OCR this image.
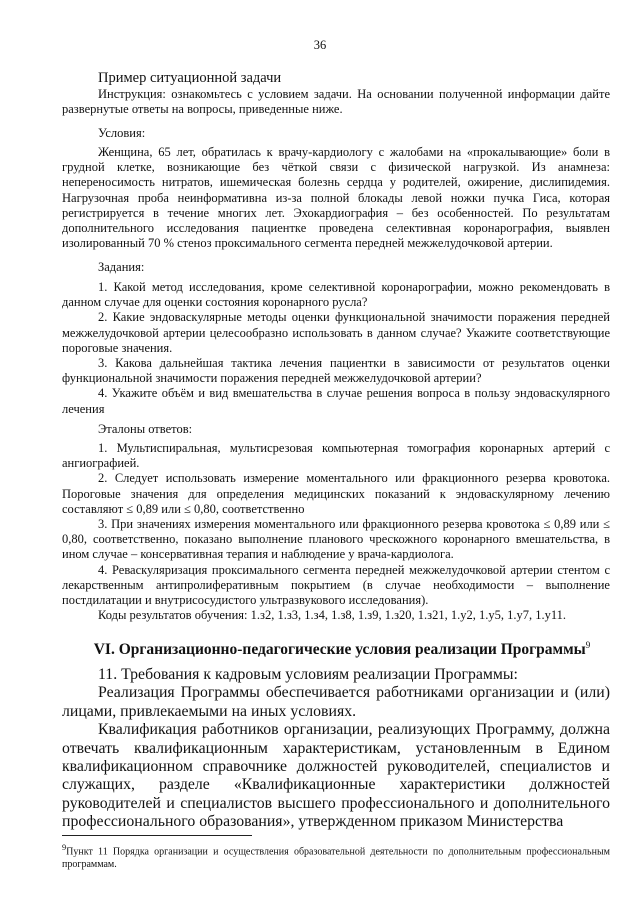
36

Пример ситуационной задачи

Инструкция: ознакомьтесь с условием задачи. На основании полученной информации дайте развернутые ответы на вопросы, приведенные ниже.

Условия:

Женщина, 65 лет, обратилась к врачу-кардиологу с жалобами на «прокалывающие» боли в грудной клетке, возникающие без чёткой связи с физической нагрузкой. Из анамнеза: непереносимость нитратов, ишемическая болезнь сердца у родителей, ожирение, дислипидемия. Нагрузочная проба неинформативна из-за полной блокады левой ножки пучка Гиса, которая регистрируется в течение многих лет. Эхокардиография – без особенностей. По результатам дополнительного исследования пациентке проведена селективная коронарография, выявлен изолированный 70 % стеноз проксимального сегмента передней межжелудочковой артерии.

Задания:

1. Какой метод исследования, кроме селективной коронарографии, можно рекомендовать в данном случае для оценки состояния коронарного русла?

2. Какие эндоваскулярные методы оценки функциональной значимости поражения передней межжелудочковой артерии целесообразно использовать в данном случае? Укажите соответствующие пороговые значения.

3. Какова дальнейшая тактика лечения пациентки в зависимости от результатов оценки функциональной значимости поражения передней межжелудочковой артерии?

4. Укажите объём и вид вмешательства в случае решения вопроса в пользу эндоваскулярного лечения

Эталоны ответов:

1. Мультиспиральная, мультисрезовая компьютерная томография коронарных артерий с ангиографией.

2. Следует использовать измерение моментального или фракционного резерва кровотока. Пороговые значения для определения медицинских показаний к эндоваскулярному лечению составляют ≤ 0,89 или ≤ 0,80, соответственно

3. При значениях измерения моментального или фракционного резерва кровотока ≤ 0,89 или ≤ 0,80, соответственно, показано выполнение планового чрескожного коронарного вмешательства, в ином случае – консервативная терапия и наблюдение у врача-кардиолога.

4. Реваскуляризация проксимального сегмента передней межжелудочковой артерии стентом с лекарственным антипролиферативным покрытием (в случае необходимости – выполнение постдилатации и внутрисосудистого ультразвукового исследования).

Коды результатов обучения: 1.з2, 1.з3, 1.з4, 1.з8, 1.з9, 1.з20, 1.з21, 1.у2, 1.у5, 1.у7, 1.у11.

VI. Организационно-педагогические условия реализации Программы$^9$

11. Требования к кадровым условиям реализации Программы:

Реализация Программы обеспечивается работниками организации и (или) лицами, привлекаемыми на иных условиях.

Квалификация работников организации, реализующих Программу, должна отвечать квалификационным характеристикам, установленным в Едином квалификационном справочнике должностей руководителей, специалистов и служащих, разделе «Квалификационные характеристики должностей руководителей и специалистов высшего профессионального и дополнительного профессионального образования», утвержденном приказом Министерства

$^9$Пункт 11 Порядка организации и осуществления образовательной деятельности по дополнительным профессиональным программам.
